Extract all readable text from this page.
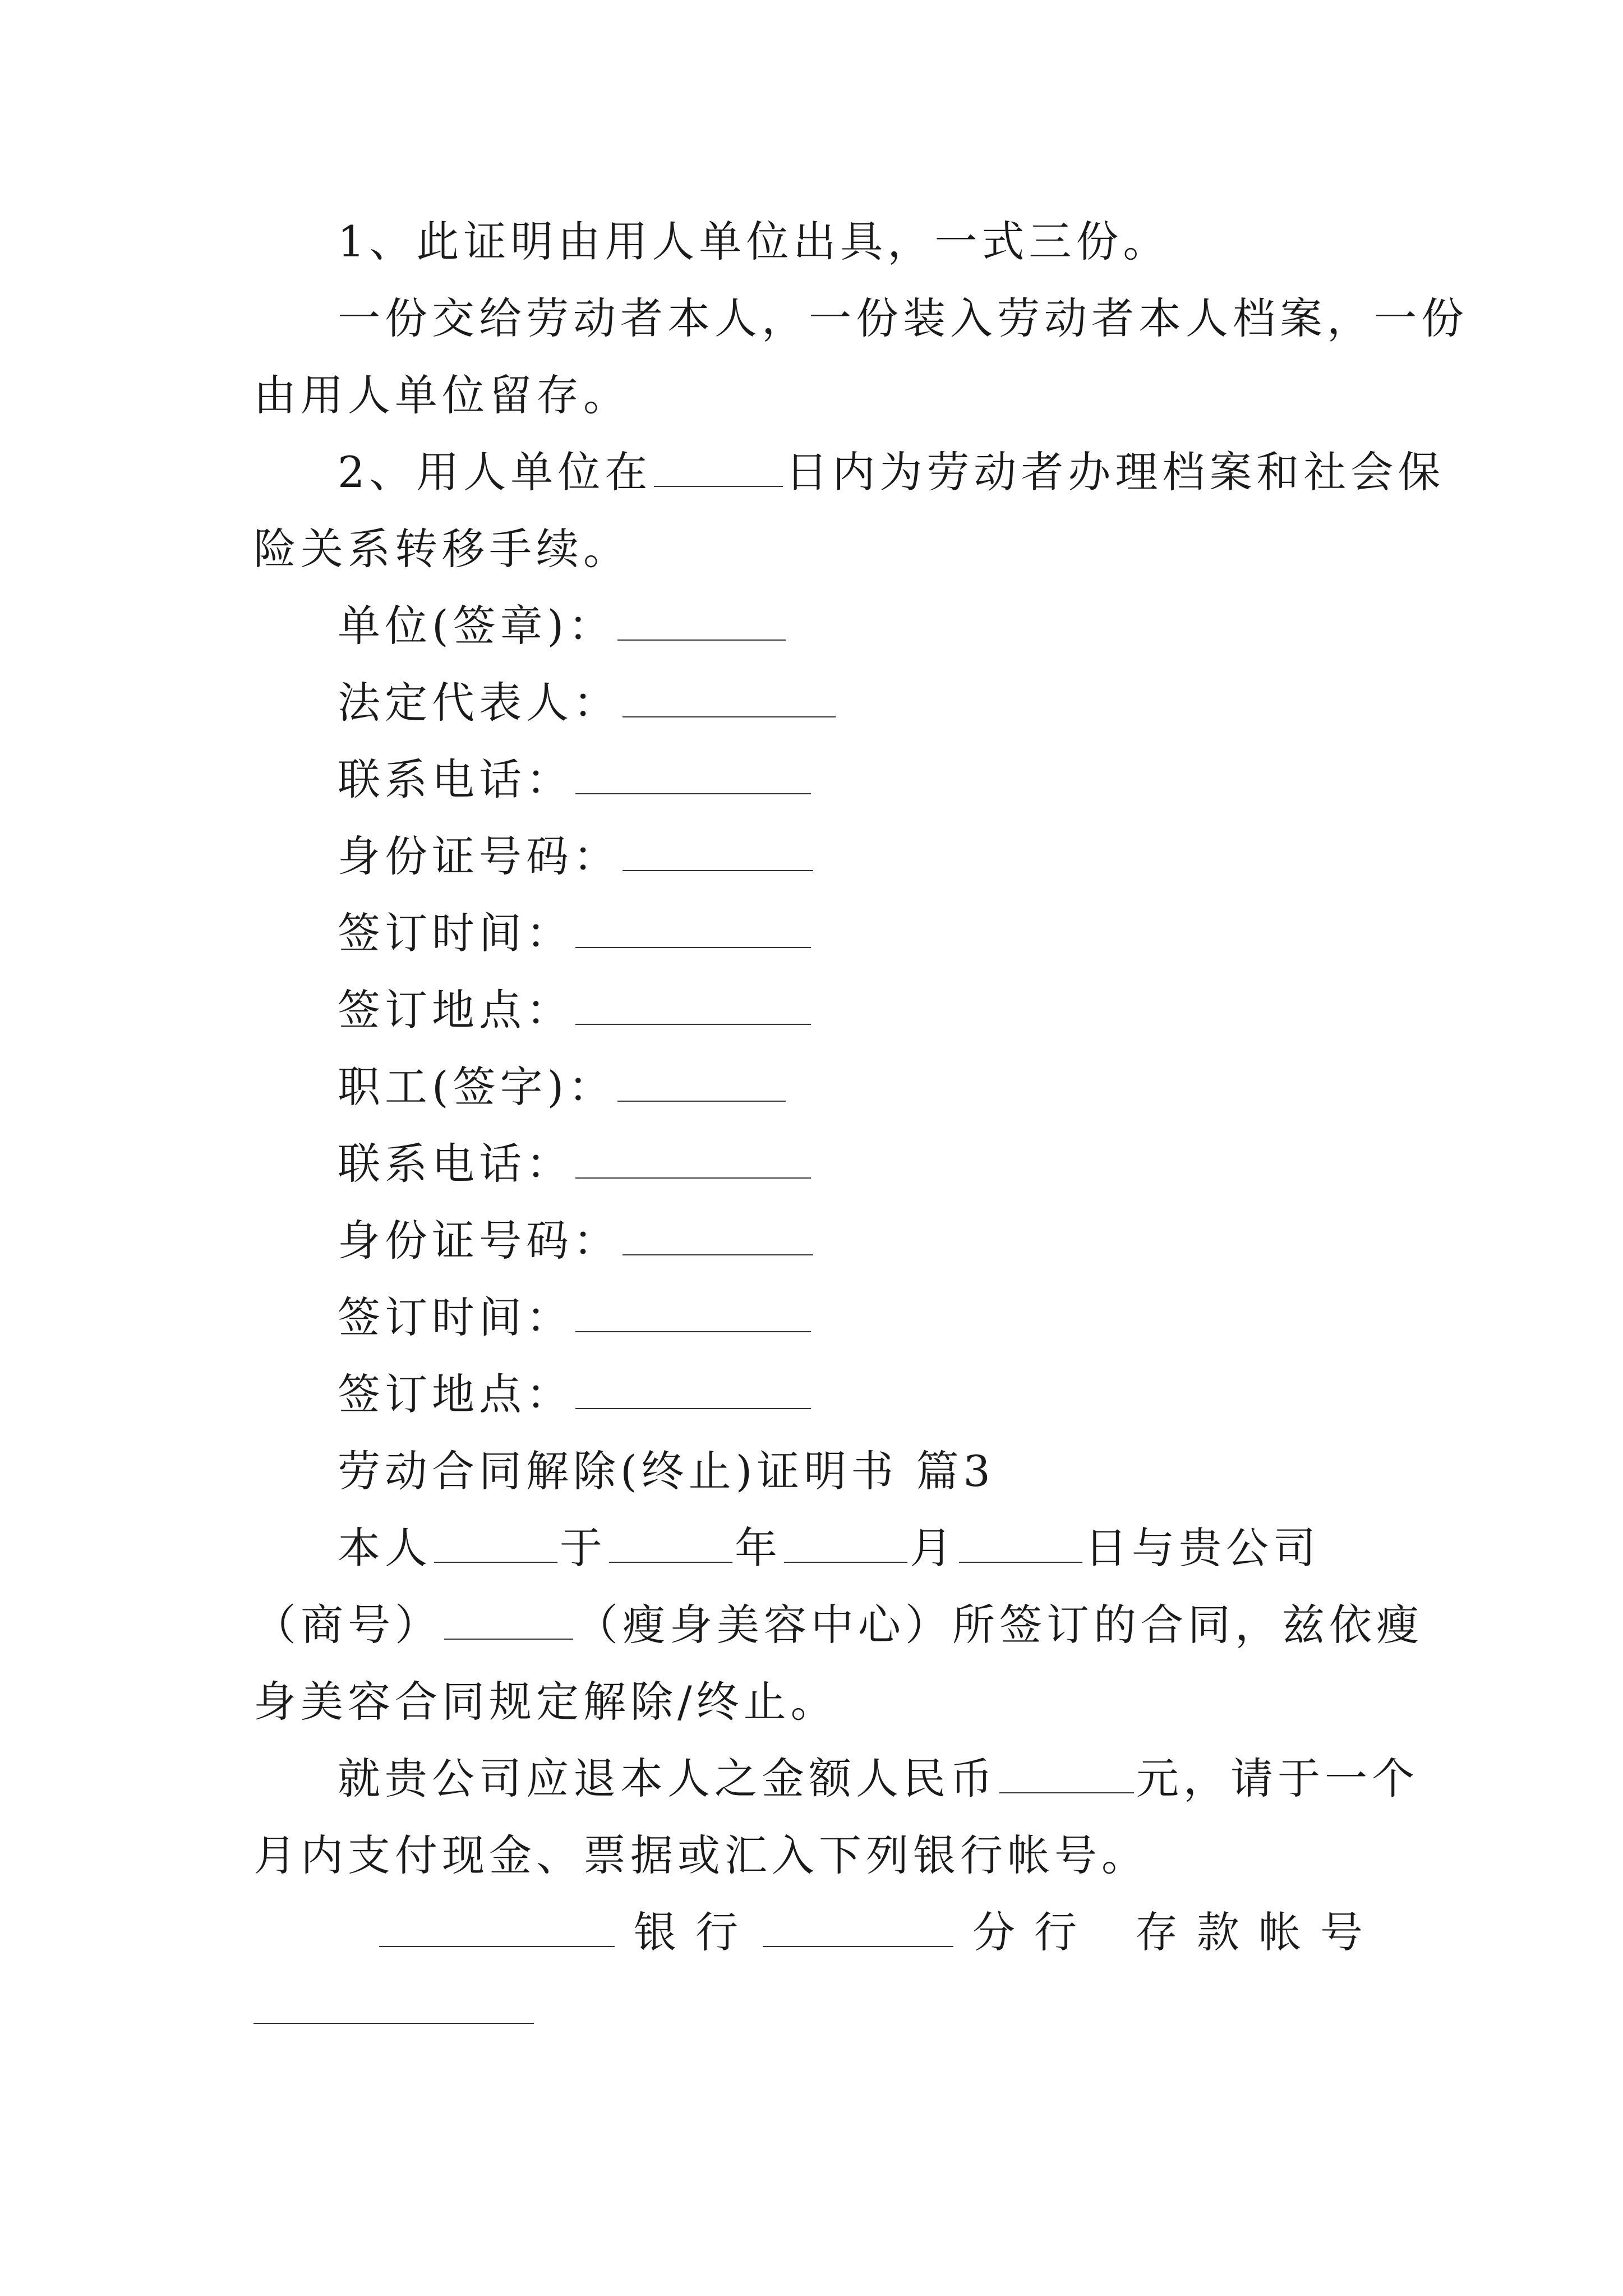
1、此证明由用人单位出具，一式三份。
一份交给劳动者本人，一份装入劳动者本人档案，一份
由用人单位留存。
2、用人单位在	日内为劳动者办理档案和社会保
险关系转移手续。
单位(签章)：
法定代表人：
联系电话：
身份证号码：
签订时间：
签订地点：
职工(签字)：
联系电话：
身份证号码：
签订时间：
签订地点：
劳动合同解除(终止)证明书 篇3
本人	于	年	月	日与贵公司
（商号）	（瘦身美容中心）所签订的合同，兹依瘦
身美容合同规定解除/终止。
就贵公司应退本人之金额人民币	元，请于一个
月内支付现金、票据或汇入下列银行帐号。
银行	分行 存款帐号
